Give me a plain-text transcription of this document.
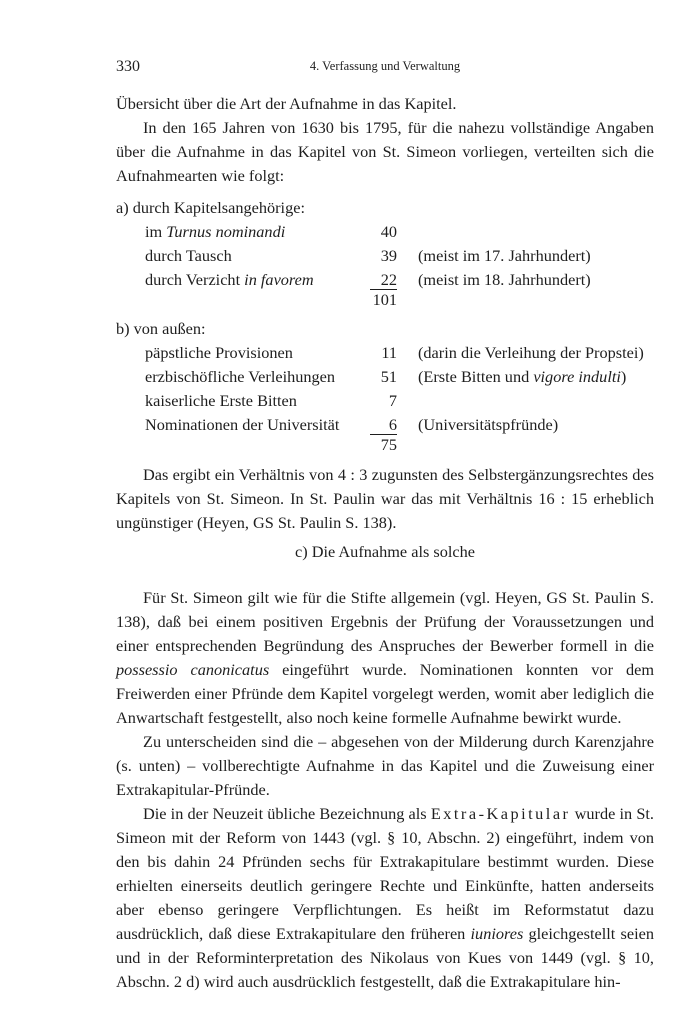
330	4. Verfassung und Verwaltung

Übersicht über die Art der Aufnahme in das Kapitel.

In den 165 Jahren von 1630 bis 1795, für die nahezu vollständige Angaben über die Aufnahme in das Kapitel von St. Simeon vorliegen, verteilten sich die Aufnahmearten wie folgt:

a) durch Kapitelsangehörige:
im Turnus nominandi	40
durch Tausch	39 (meist im 17. Jahrhundert)
durch Verzicht in favorem	22 (meist im 18. Jahrhundert)
101
b) von außen:
päpstliche Provisionen	11 (darin die Verleihung der Propstei)
erzbischöfliche Verleihungen	51 (Erste Bitten und vigore indulti)
kaiserliche Erste Bitten	7
Nominationen der Universität	6 (Universitätspfründe)
75

Das ergibt ein Verhältnis von 4 : 3 zugunsten des Selbstergänzungsrechtes des Kapitels von St. Simeon. In St. Paulin war das mit Verhältnis 16 : 15 erheblich ungünstiger (Heyen, GS St. Paulin S. 138).

c) Die Aufnahme als solche

Für St. Simeon gilt wie für die Stifte allgemein (vgl. Heyen, GS St. Paulin S. 138), daß bei einem positiven Ergebnis der Prüfung der Voraussetzungen und einer entsprechenden Begründung des Anspruches der Bewerber formell in die possessio canonicatus eingeführt wurde. Nominationen konnten vor dem Freiwerden einer Pfründe dem Kapitel vorgelegt werden, womit aber lediglich die Anwartschaft festgestellt, also noch keine formelle Aufnahme bewirkt wurde.

Zu unterscheiden sind die – abgesehen von der Milderung durch Karenzjahre (s. unten) – vollberechtigte Aufnahme in das Kapitel und die Zuweisung einer Extrakapitular-Pfründe.

Die in der Neuzeit übliche Bezeichnung als Extra-Kapitular wurde in St. Simeon mit der Reform von 1443 (vgl. § 10, Abschn. 2) eingeführt, indem von den bis dahin 24 Pfründen sechs für Extrakapitulare bestimmt wurden. Diese erhielten einerseits deutlich geringere Rechte und Einkünfte, hatten anderseits aber ebenso geringere Verpflichtungen. Es heißt im Reformstatut dazu ausdrücklich, daß diese Extrakapitulare den früheren iuniores gleichgestellt seien und in der Reforminterpretation des Nikolaus von Kues von 1449 (vgl. § 10, Abschn. 2 d) wird auch ausdrücklich festgestellt, daß die Extrakapitulare hin-
